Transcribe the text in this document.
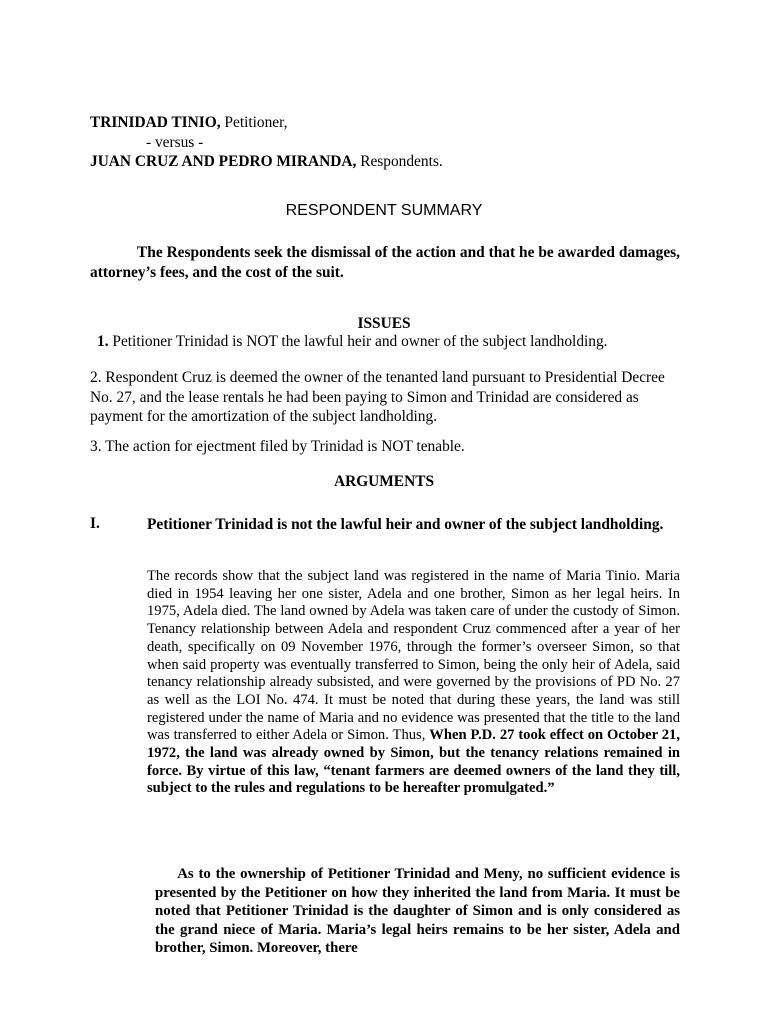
TRINIDAD TINIO, Petitioner,
- versus -
JUAN CRUZ AND PEDRO MIRANDA, Respondents.
RESPONDENT SUMMARY

The Respondents seek the dismissal of the action and that he be awarded damages, attorney’s fees, and the cost of the suit.

ISSUES
1. Petitioner Trinidad is NOT the lawful heir and owner of the subject landholding.
2. Respondent Cruz is deemed the owner of the tenanted land pursuant to Presidential Decree No. 27, and the lease rentals he had been paying to Simon and Trinidad are considered as payment for the amortization of the subject landholding.
3. The action for ejectment filed by Trinidad is NOT tenable.
ARGUMENTS
I.	Petitioner Trinidad is not the lawful heir and owner of the subject landholding.

The records show that the subject land was registered in the name of Maria Tinio. Maria died in 1954 leaving her one sister, Adela and one brother, Simon as her legal heirs. In 1975, Adela died. The land owned by Adela was taken care of under the custody of Simon. Tenancy relationship between Adela and respondent Cruz commenced after a year of her death, specifically on 09 November 1976, through the former’s overseer Simon, so that when said property was eventually transferred to Simon, being the only heir of Adela, said tenancy relationship already subsisted, and were governed by the provisions of PD No. 27 as well as the LOI No. 474. It must be noted that during these years, the land was still registered under the name of Maria and no evidence was presented that the title to the land was transferred to either Adela or Simon. Thus, When P.D. 27 took effect on October 21, 1972, the land was already owned by Simon, but the tenancy relations remained in force. By virtue of this law, “tenant farmers are deemed owners of the land they till, subject to the rules and regulations to be hereafter promulgated.”

  As to the ownership of Petitioner Trinidad and Meny, no sufficient evidence is presented by the Petitioner on how they inherited the land from Maria. It must be noted that Petitioner Trinidad is the daughter of Simon and is only considered as the grand niece of Maria. Maria’s legal heirs remains to be her sister, Adela and brother, Simon. Moreover, there
